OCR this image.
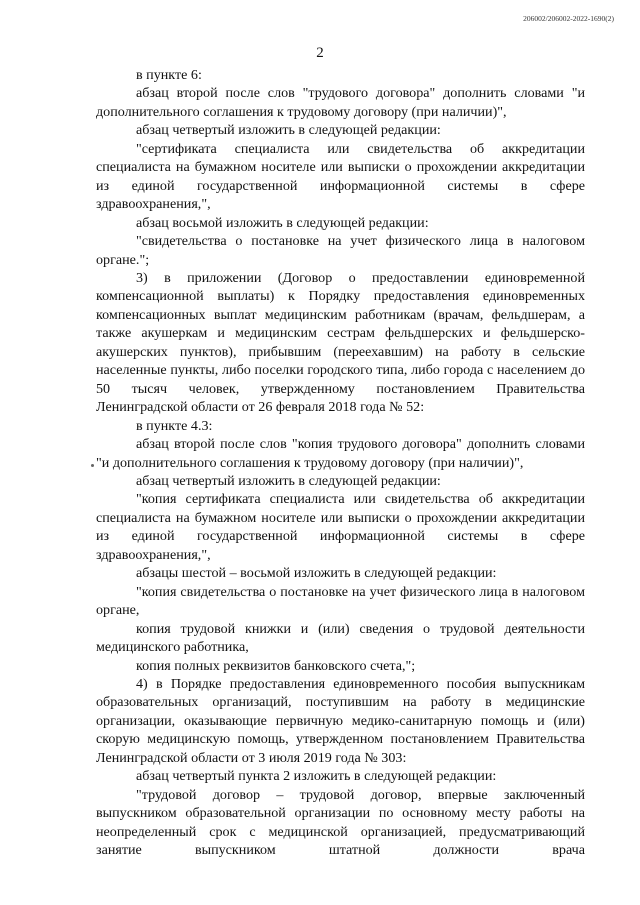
206002/206002-2022-1690(2)
2

в пункте 6:

абзац второй после слов "трудового договора" дополнить словами "и дополнительного соглашения к трудовому договору (при наличии)",

абзац четвертый изложить в следующей редакции:

"сертификата специалиста или свидетельства об аккредитации специалиста на бумажном носителе или выписки о прохождении аккредитации из единой государственной информационной системы в сфере здравоохранения,",

абзац восьмой изложить в следующей редакции:

"свидетельства о постановке на учет физического лица в налоговом органе.";

3) в приложении (Договор о предоставлении единовременной компенсационной выплаты) к Порядку предоставления единовременных компенсационных выплат медицинским работникам (врачам, фельдшерам, а также акушеркам и медицинским сестрам фельдшерских и фельдшерско-акушерских пунктов), прибывшим (переехавшим) на работу в сельские населенные пункты, либо поселки городского типа, либо города с населением до 50 тысяч человек, утвержденному постановлением Правительства Ленинградской области от 26 февраля 2018 года № 52:

в пункте 4.3:

абзац второй после слов "копия трудового договора" дополнить словами "и дополнительного соглашения к трудовому договору (при наличии)",

абзац четвертый изложить в следующей редакции:

"копия сертификата специалиста или свидетельства об аккредитации специалиста на бумажном носителе или выписки о прохождении аккредитации из единой государственной информационной системы в сфере здравоохранения,",

абзацы шестой – восьмой изложить в следующей редакции:

"копия свидетельства о постановке на учет физического лица в налоговом органе,

копия трудовой книжки и (или) сведения о трудовой деятельности медицинского работника,

копия полных реквизитов банковского счета,";

4) в Порядке предоставления единовременного пособия выпускникам образовательных организаций, поступившим на работу в медицинские организации, оказывающие первичную медико-санитарную помощь и (или) скорую медицинскую помощь, утвержденном постановлением Правительства Ленинградской области от 3 июля 2019 года № 303:

абзац четвертый пункта 2 изложить в следующей редакции:

"трудовой договор – трудовой договор, впервые заключенный выпускником образовательной организации по основному месту работы на неопределенный срок с медицинской организацией, предусматривающий занятие выпускником штатной должности врача
